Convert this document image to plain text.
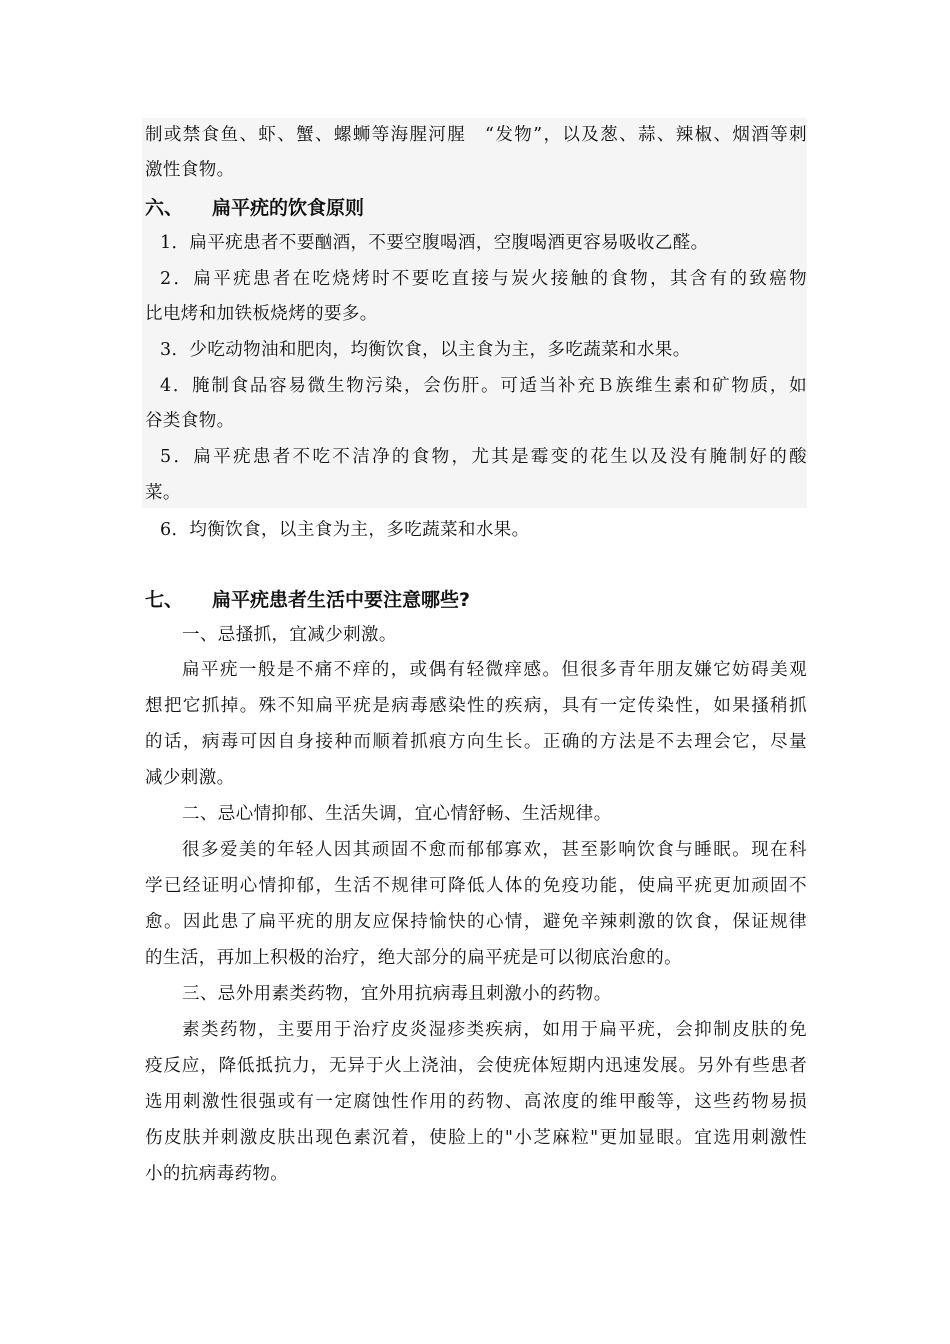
制或禁食鱼、虾、蟹、螺蛳等海腥河腥　“发物”，以及葱、蒜、辣椒、烟酒等刺
激性食物。
六、 扁平疣的饮食原则
1．扁平疣患者不要酗酒，不要空腹喝酒，空腹喝酒更容易吸收乙醛。
2．扁平疣患者在吃烧烤时不要吃直接与炭火接触的食物，其含有的致癌物
比电烤和加铁板烧烤的要多。
3．少吃动物油和肥肉，均衡饮食，以主食为主，多吃蔬菜和水果。
4．腌制食品容易微生物污染，会伤肝。可适当补充Ｂ族维生素和矿物质，如
谷类食物。
5．扁平疣患者不吃不洁净的食物，尤其是霉变的花生以及没有腌制好的酸
菜。
6．均衡饮食，以主食为主，多吃蔬菜和水果。
七、 扁平疣患者生活中要注意哪些?
一、忌搔抓，宜减少刺激。
扁平疣一般是不痛不痒的，或偶有轻微痒感。但很多青年朋友嫌它妨碍美观
想把它抓掉。殊不知扁平疣是病毒感染性的疾病，具有一定传染性，如果搔稍抓
的话，病毒可因自身接种而顺着抓痕方向生长。正确的方法是不去理会它，尽量
减少刺激。
二、忌心情抑郁、生活失调，宜心情舒畅、生活规律。
很多爱美的年轻人因其顽固不愈而郁郁寡欢，甚至影响饮食与睡眠。现在科
学已经证明心情抑郁，生活不规律可降低人体的免疫功能，使扁平疣更加顽固不
愈。因此患了扁平疣的朋友应保持愉快的心情，避免辛辣刺激的饮食，保证规律
的生活，再加上积极的治疗，绝大部分的扁平疣是可以彻底治愈的。
三、忌外用素类药物，宜外用抗病毒且刺激小的药物。
素类药物，主要用于治疗皮炎湿疹类疾病，如用于扁平疣，会抑制皮肤的免
疫反应，降低抵抗力，无异于火上浇油，会使疣体短期内迅速发展。另外有些患者
选用刺激性很强或有一定腐蚀性作用的药物、高浓度的维甲酸等，这些药物易损
伤皮肤并刺激皮肤出现色素沉着，使脸上的"小芝麻粒"更加显眼。宜选用刺激性
小的抗病毒药物。
